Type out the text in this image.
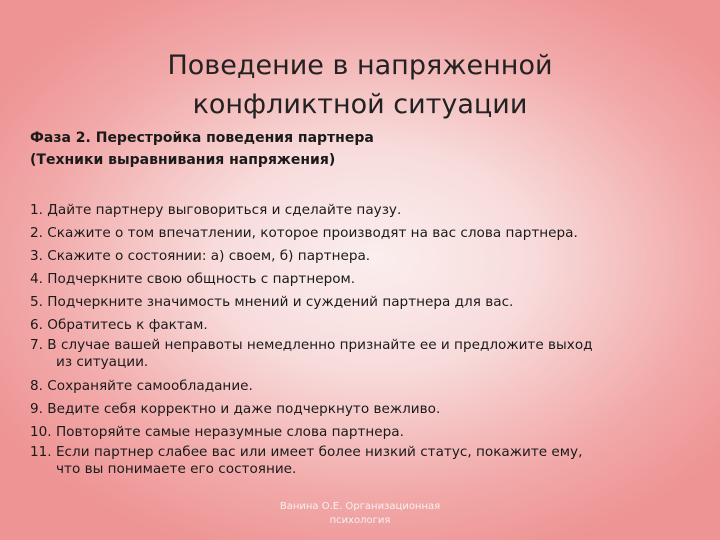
Поведение в напряженной
конфликтной ситуации
Фаза 2. Перестройка поведения партнера
(Техники выравнивания напряжения)
1. Дайте партнеру выговориться и сделайте паузу.
2. Скажите о том впечатлении, которое производят на вас слова партнера.
3. Скажите о состоянии: а) своем, б) партнера.
4. Подчеркните свою общность с партнером.
5. Подчеркните значимость мнений и суждений партнера для вас.
6. Обратитесь к фактам.
7. В случае вашей неправоты немедленно признайте ее и предложите выход
из ситуации.
8. Сохраняйте самообладание.
9. Ведите себя корректно и даже подчеркнуто вежливо.
10. Повторяйте самые неразумные слова партнера.
11. Если партнер слабее вас или имеет более низкий статус, покажите ему,
что вы понимаете его состояние.
Ванина О.Е. Организационная
психология
